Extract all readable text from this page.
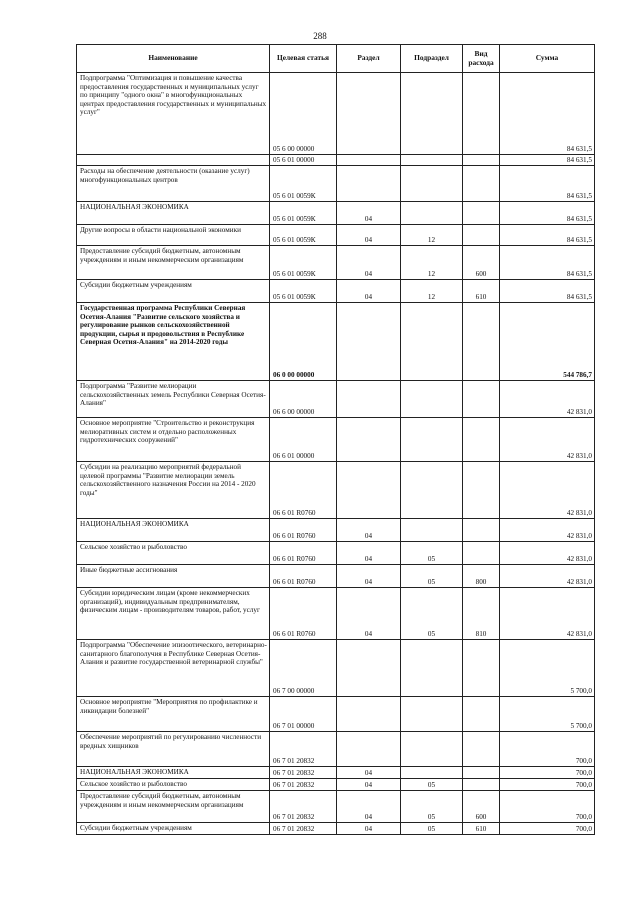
288
Наименование	Целевая статья	Раздел	Подраздел	Вид расхода	Сумма
Подпрограмма "Оптимизация и повышение качества предоставления государственных и муниципальных услуг по принципу "одного окна" в многофункциональных центрах предоставления государственных и муниципальных услуг"	05 6 00 00000				84 631,5
	05 6 01 00000				84 631,5
Расходы на обеспечение деятельности (оказание услуг) многофункциональных центров	05 6 01 0059К				84 631,5
НАЦИОНАЛЬНАЯ ЭКОНОМИКА	05 6 01 0059К	04			84 631,5
Другие вопросы в области национальной экономики	05 6 01 0059К	04	12		84 631,5
Предоставление субсидий бюджетным, автономным учреждениям и иным некоммерческим организациям	05 6 01 0059К	04	12	600	84 631,5
Субсидии бюджетным учреждениям	05 6 01 0059К	04	12	610	84 631,5
Государственная программа Республики Северная Осетия-Алания "Развитие сельского хозяйства и регулирование рынков сельскохозяйственной продукции, сырья и продовольствия в Республике Северная Осетия-Алания" на 2014-2020 годы	06 0 00 00000				544 786,7
Подпрограмма "Развитие мелиорации сельскохозяйственных земель Республики Северная Осетия-Алания"	06 6 00 00000				42 831,0
Основное мероприятие "Строительство и реконструкция мелиоративных систем и отдельно расположенных гидротехнических сооружений"	06 6 01 00000				42 831,0
Субсидии на реализацию мероприятий федеральной целевой программы "Развитие мелиорации земель сельскохозяйственного назначения России на 2014 - 2020 годы"	06 6 01 R0760				42 831,0
НАЦИОНАЛЬНАЯ ЭКОНОМИКА	06 6 01 R0760	04			42 831,0
Сельское хозяйство и рыболовство	06 6 01 R0760	04	05		42 831,0
Иные бюджетные ассигнования	06 6 01 R0760	04	05	800	42 831,0
Субсидии юридическим лицам (кроме некоммерческих организаций), индивидуальным предпринимателям, физическим лицам - производителям товаров, работ, услуг	06 6 01 R0760	04	05	810	42 831,0
Подпрограмма "Обеспечение эпизоотического, ветеринарно-санитарного благополучия в Республике Северная Осетия-Алания и развитие государственной ветеринарной службы"	06 7 00 00000				5 700,0
Основное мероприятие "Мероприятия по профилактике и ликвидации болезней"	06 7 01 00000				5 700,0
Обеспечение мероприятий по регулированию численности вредных хищников	06 7 01 20832				700,0
НАЦИОНАЛЬНАЯ ЭКОНОМИКА	06 7 01 20832	04			700,0
Сельское хозяйство и рыболовство	06 7 01 20832	04	05		700,0
Предоставление субсидий бюджетным, автономным учреждениям и иным некоммерческим организациям	06 7 01 20832	04	05	600	700,0
Субсидии бюджетным учреждениям	06 7 01 20832	04	05	610	700,0
